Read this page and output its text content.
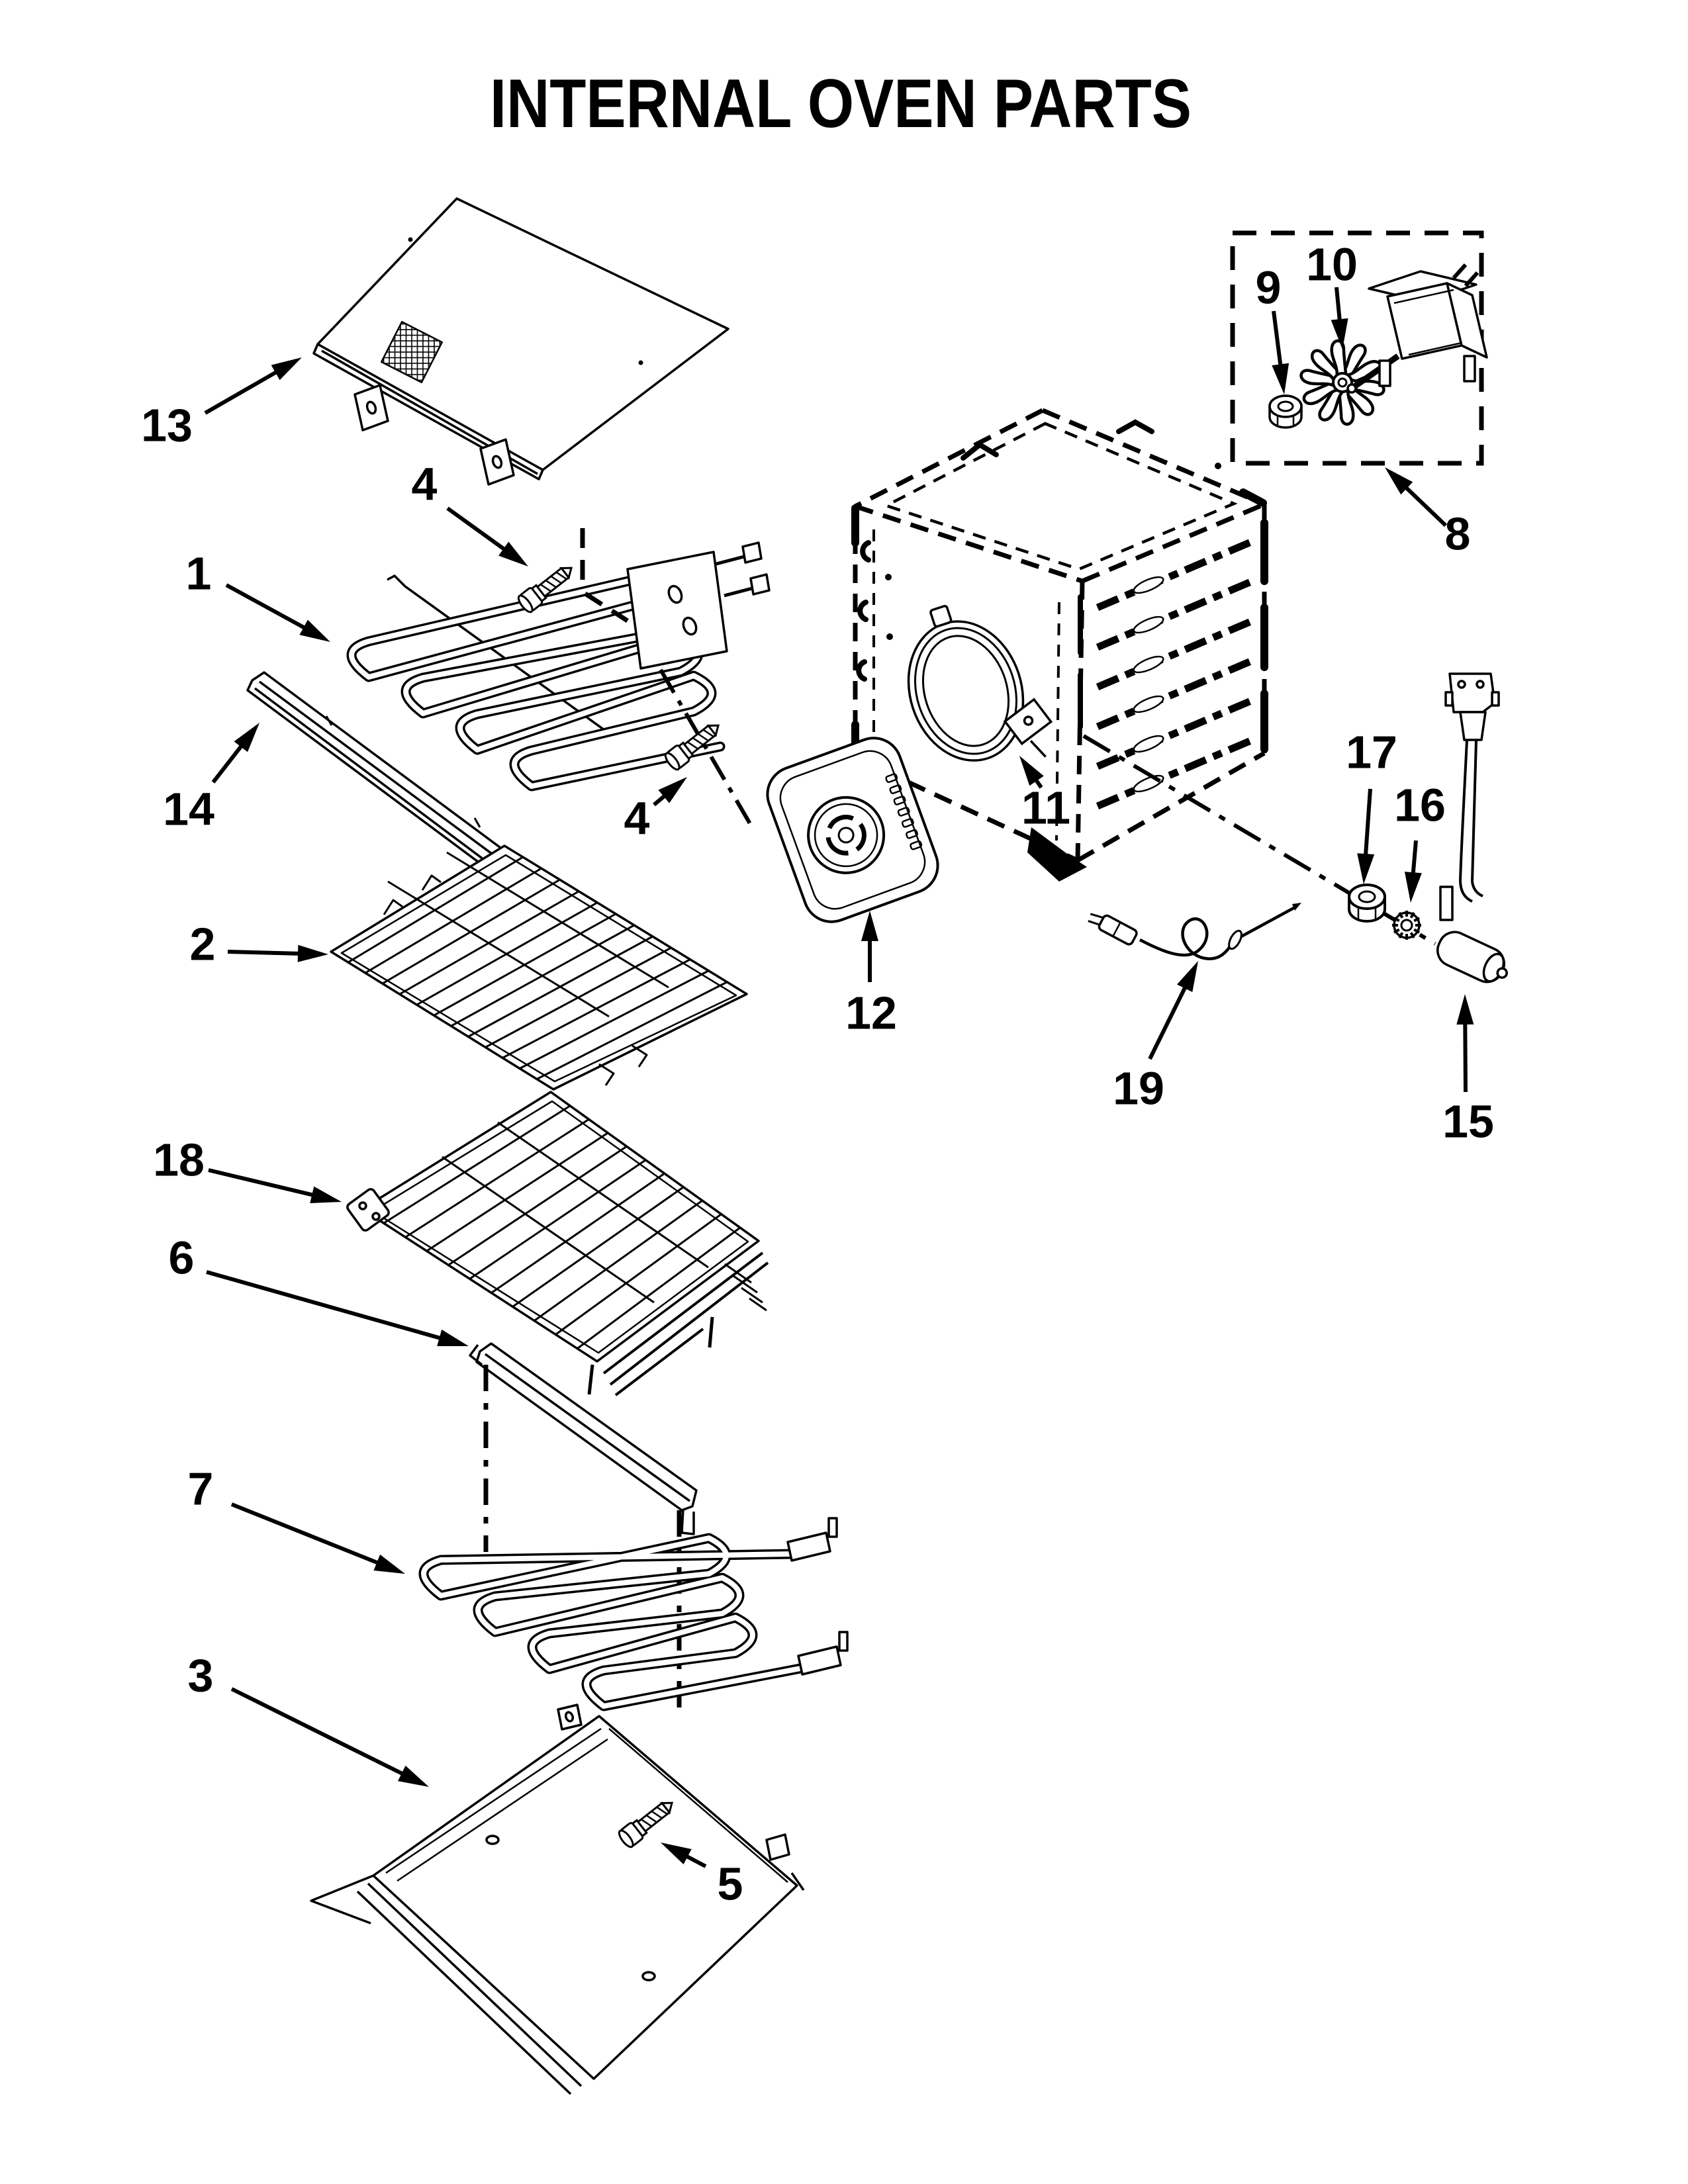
INTERNAL OVEN PARTS
13
4
1
14	4
2
18
6
7
3
5
9 10
8
11
12
17
16
15
19
